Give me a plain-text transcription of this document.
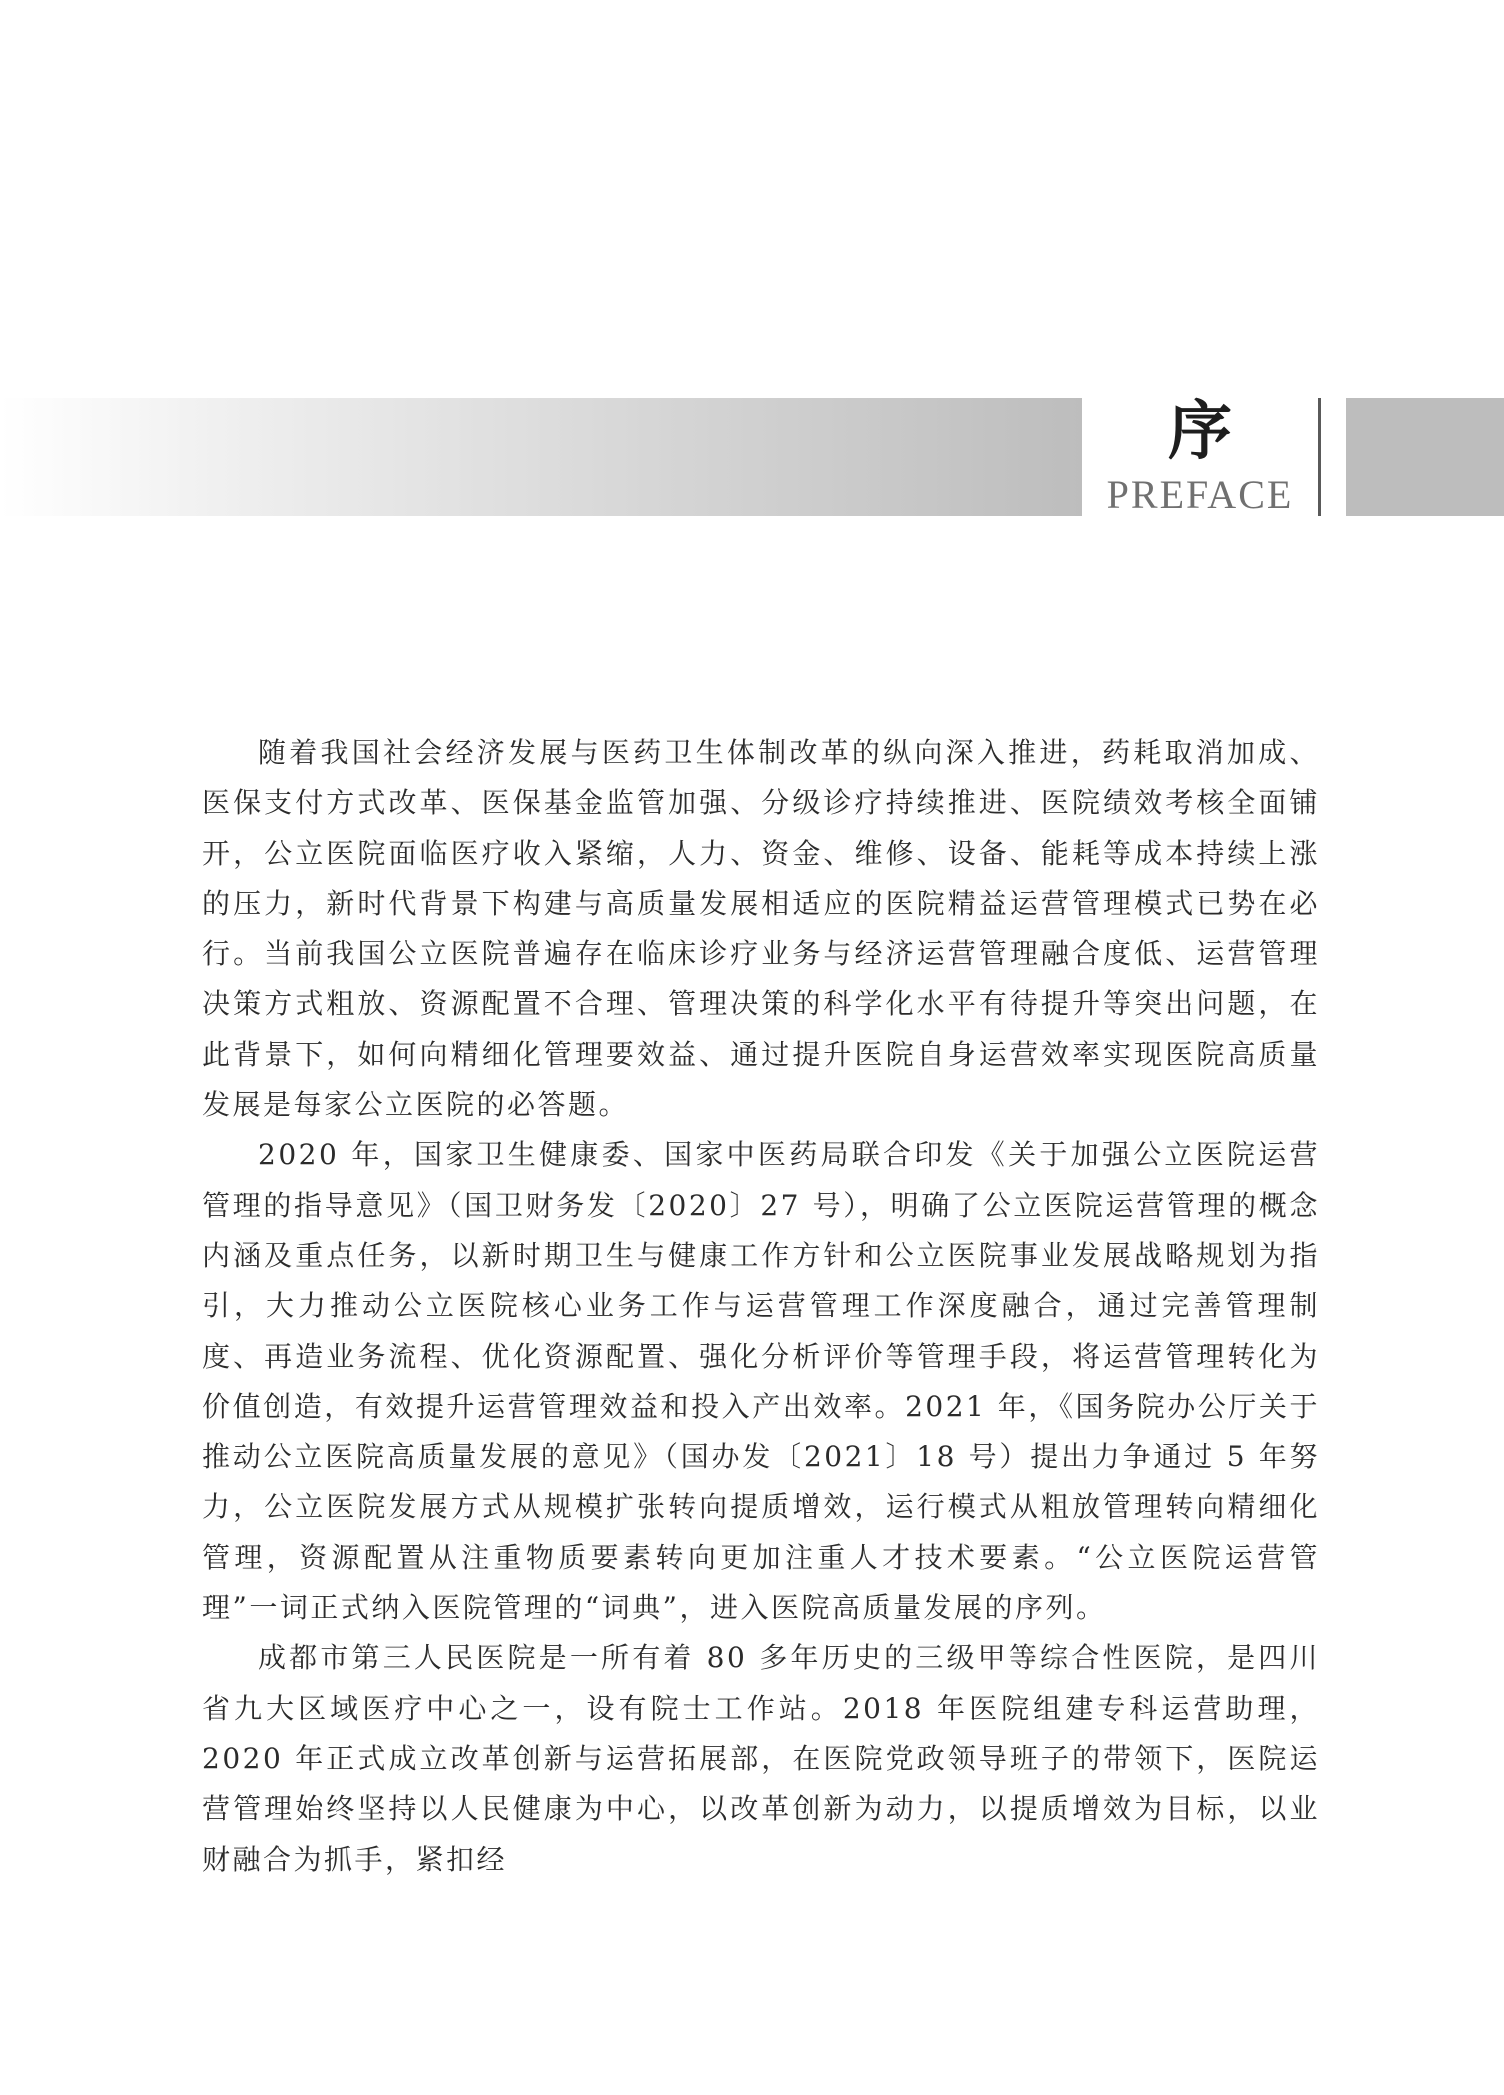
序
PREFACE

随着我国社会经济发展与医药卫生体制改革的纵向深入推进，药耗取消加成、医保支付方式改革、医保基金监管加强、分级诊疗持续推进、医院绩效考核全面铺开，公立医院面临医疗收入紧缩，人力、资金、维修、设备、能耗等成本持续上涨的压力，新时代背景下构建与高质量发展相适应的医院精益运营管理模式已势在必行。当前我国公立医院普遍存在临床诊疗业务与经济运营管理融合度低、运营管理决策方式粗放、资源配置不合理、管理决策的科学化水平有待提升等突出问题，在此背景下，如何向精细化管理要效益、通过提升医院自身运营效率实现医院高质量发展是每家公立医院的必答题。

2020 年，国家卫生健康委、国家中医药局联合印发《关于加强公立医院运营管理的指导意见》（国卫财务发〔2020〕27 号），明确了公立医院运营管理的概念内涵及重点任务，以新时期卫生与健康工作方针和公立医院事业发展战略规划为指引，大力推动公立医院核心业务工作与运营管理工作深度融合，通过完善管理制度、再造业务流程、优化资源配置、强化分析评价等管理手段，将运营管理转化为价值创造，有效提升运营管理效益和投入产出效率。2021 年，《国务院办公厅关于推动公立医院高质量发展的意见》（国办发〔2021〕18 号）提出力争通过 5 年努力，公立医院发展方式从规模扩张转向提质增效，运行模式从粗放管理转向精细化管理，资源配置从注重物质要素转向更加注重人才技术要素。“公立医院运营管理”一词正式纳入医院管理的“词典”，进入医院高质量发展的序列。

成都市第三人民医院是一所有着 80 多年历史的三级甲等综合性医院，是四川省九大区域医疗中心之一，设有院士工作站。2018 年医院组建专科运营助理，2020 年正式成立改革创新与运营拓展部，在医院党政领导班子的带领下，医院运营管理始终坚持以人民健康为中心，以改革创新为动力，以提质增效为目标，以业财融合为抓手，紧扣经
